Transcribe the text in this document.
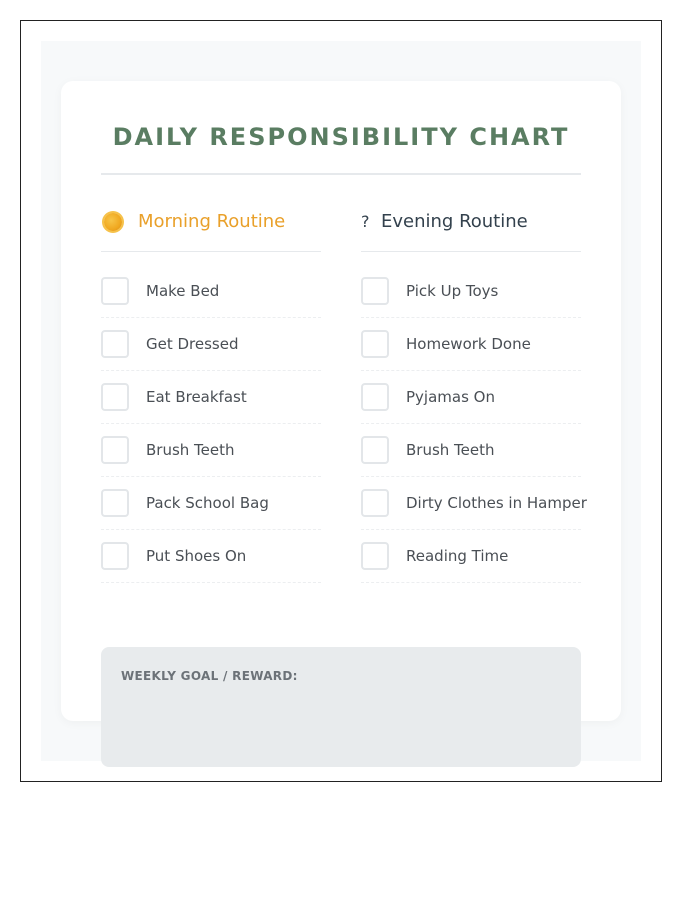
DAILY RESPONSIBILITY CHART
Morning Routine
Make Bed
Get Dressed
Eat Breakfast
Brush Teeth
Pack School Bag
Put Shoes On
? Evening Routine
Pick Up Toys
Homework Done
Pyjamas On
Brush Teeth
Dirty Clothes in Hamper
Reading Time
WEEKLY GOAL / REWARD:
